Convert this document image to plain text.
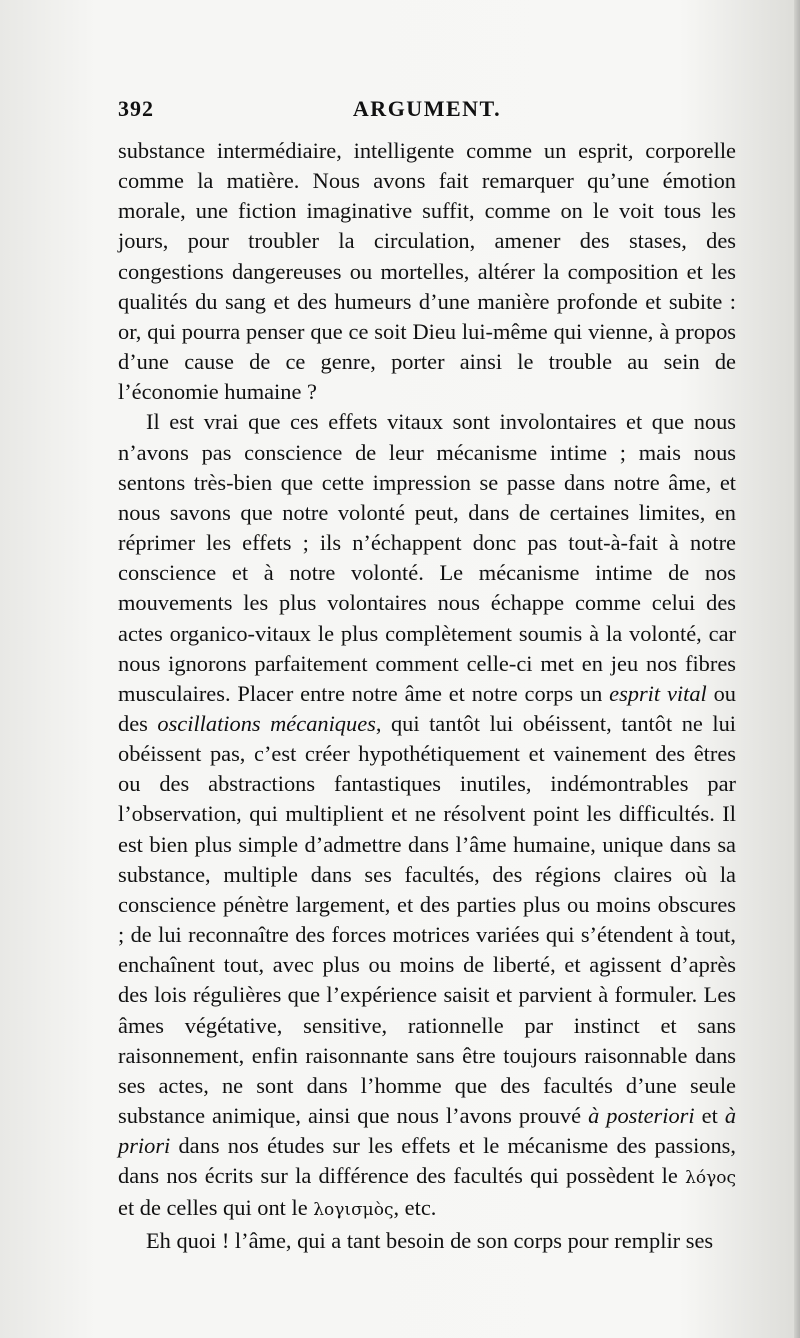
392	ARGUMENT.

substance intermédiaire, intelligente comme un esprit, corporelle comme la matière. Nous avons fait remarquer qu’une émotion morale, une fiction imaginative suffit, comme on le voit tous les jours, pour troubler la circulation, amener des stases, des congestions dangereuses ou mortelles, altérer la composition et les qualités du sang et des humeurs d’une manière profonde et subite : or, qui pourra penser que ce soit Dieu lui-même qui vienne, à propos d’une cause de ce genre, porter ainsi le trouble au sein de l’économie humaine ?

Il est vrai que ces effets vitaux sont involontaires et que nous n’avons pas conscience de leur mécanisme intime ; mais nous sentons très-bien que cette impression se passe dans notre âme, et nous savons que notre volonté peut, dans de certaines limites, en réprimer les effets ; ils n’échappent donc pas tout-à-fait à notre conscience et à notre volonté. Le mécanisme intime de nos mouvements les plus volontaires nous échappe comme celui des actes organico-vitaux le plus complètement soumis à la volonté, car nous ignorons parfaitement comment celle-ci met en jeu nos fibres musculaires. Placer entre notre âme et notre corps un esprit vital ou des oscillations mécaniques, qui tantôt lui obéissent, tantôt ne lui obéissent pas, c’est créer hypothétiquement et vainement des êtres ou des abstractions fantastiques inutiles, indémontrables par l’observation, qui multiplient et ne résolvent point les difficultés. Il est bien plus simple d’admettre dans l’âme humaine, unique dans sa substance, multiple dans ses facultés, des régions claires où la conscience pénètre largement, et des parties plus ou moins obscures ; de lui reconnaître des forces motrices variées qui s’étendent à tout, enchaînent tout, avec plus ou moins de liberté, et agissent d’après des lois régulières que l’expérience saisit et parvient à formuler. Les âmes végétative, sensitive, rationnelle par instinct et sans raisonnement, enfin raisonnante sans être toujours raisonnable dans ses actes, ne sont dans l’homme que des facultés d’une seule substance animique, ainsi que nous l’avons prouvé à posteriori et à priori dans nos études sur les effets et le mécanisme des passions, dans nos écrits sur la différence des facultés qui possèdent le λόγος et de celles qui ont le λογισμὸς, etc.

Eh quoi ! l’âme, qui a tant besoin de son corps pour remplir ses
